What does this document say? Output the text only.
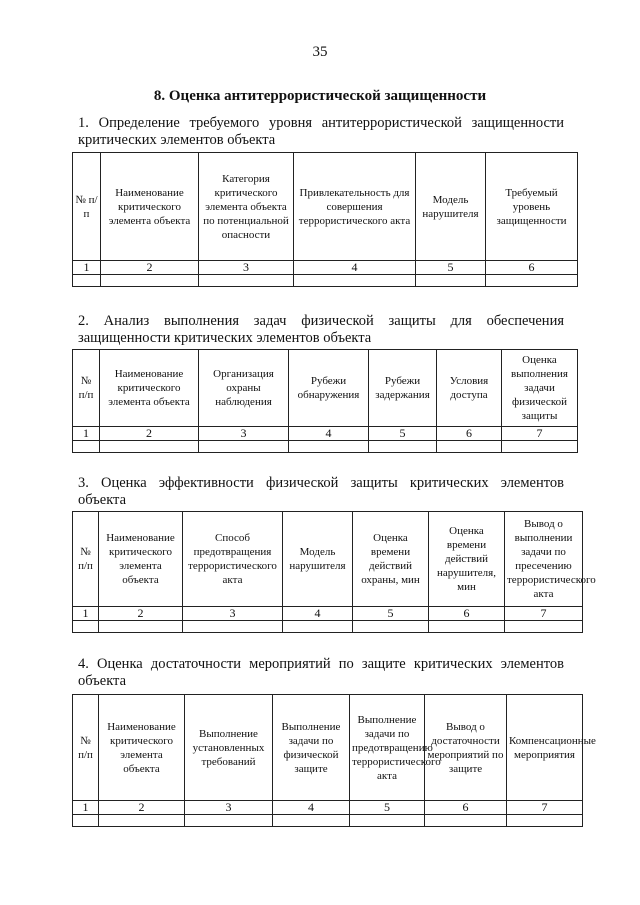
35
8. Оценка антитеррористической защищенности
1. Определение требуемого уровня антитеррористической защищенности критических элементов объекта
№ п/п	Наименование критического элемента объекта	Категория критического элемента объекта по потенциальной опасности	Привлекательность для совершения террористического акта	Модель нарушителя	Требуемый уровень защищенности
1	2	3	4	5	6

2. Анализ выполнения задач физической защиты для обеспечения защищенности критических элементов объекта
№ п/п	Наименование критического элемента объекта	Организация охраны наблюдения	Рубежи обнаружения	Рубежи задержания	Условия доступа	Оценка выполнения задачи физической защиты
1	2	3	4	5	6	7

3. Оценка эффективности физической защиты критических элементов объекта
№ п/п	Наименование критического элемента объекта	Способ предотвращения террористического акта	Модель нарушителя	Оценка времени действий охраны, мин	Оценка времени действий нарушителя, мин	Вывод о выполнении задачи по пресечению террористического акта
1	2	3	4	5	6	7

4. Оценка достаточности мероприятий по защите критических элементов объекта
№ п/п	Наименование критического элемента объекта	Выполнение установленных требований	Выполнение задачи по физической защите	Выполнение задачи по предотвращению террористического акта	Вывод о достаточности мероприятий по защите	Компенсационные мероприятия
1	2	3	4	5	6	7
